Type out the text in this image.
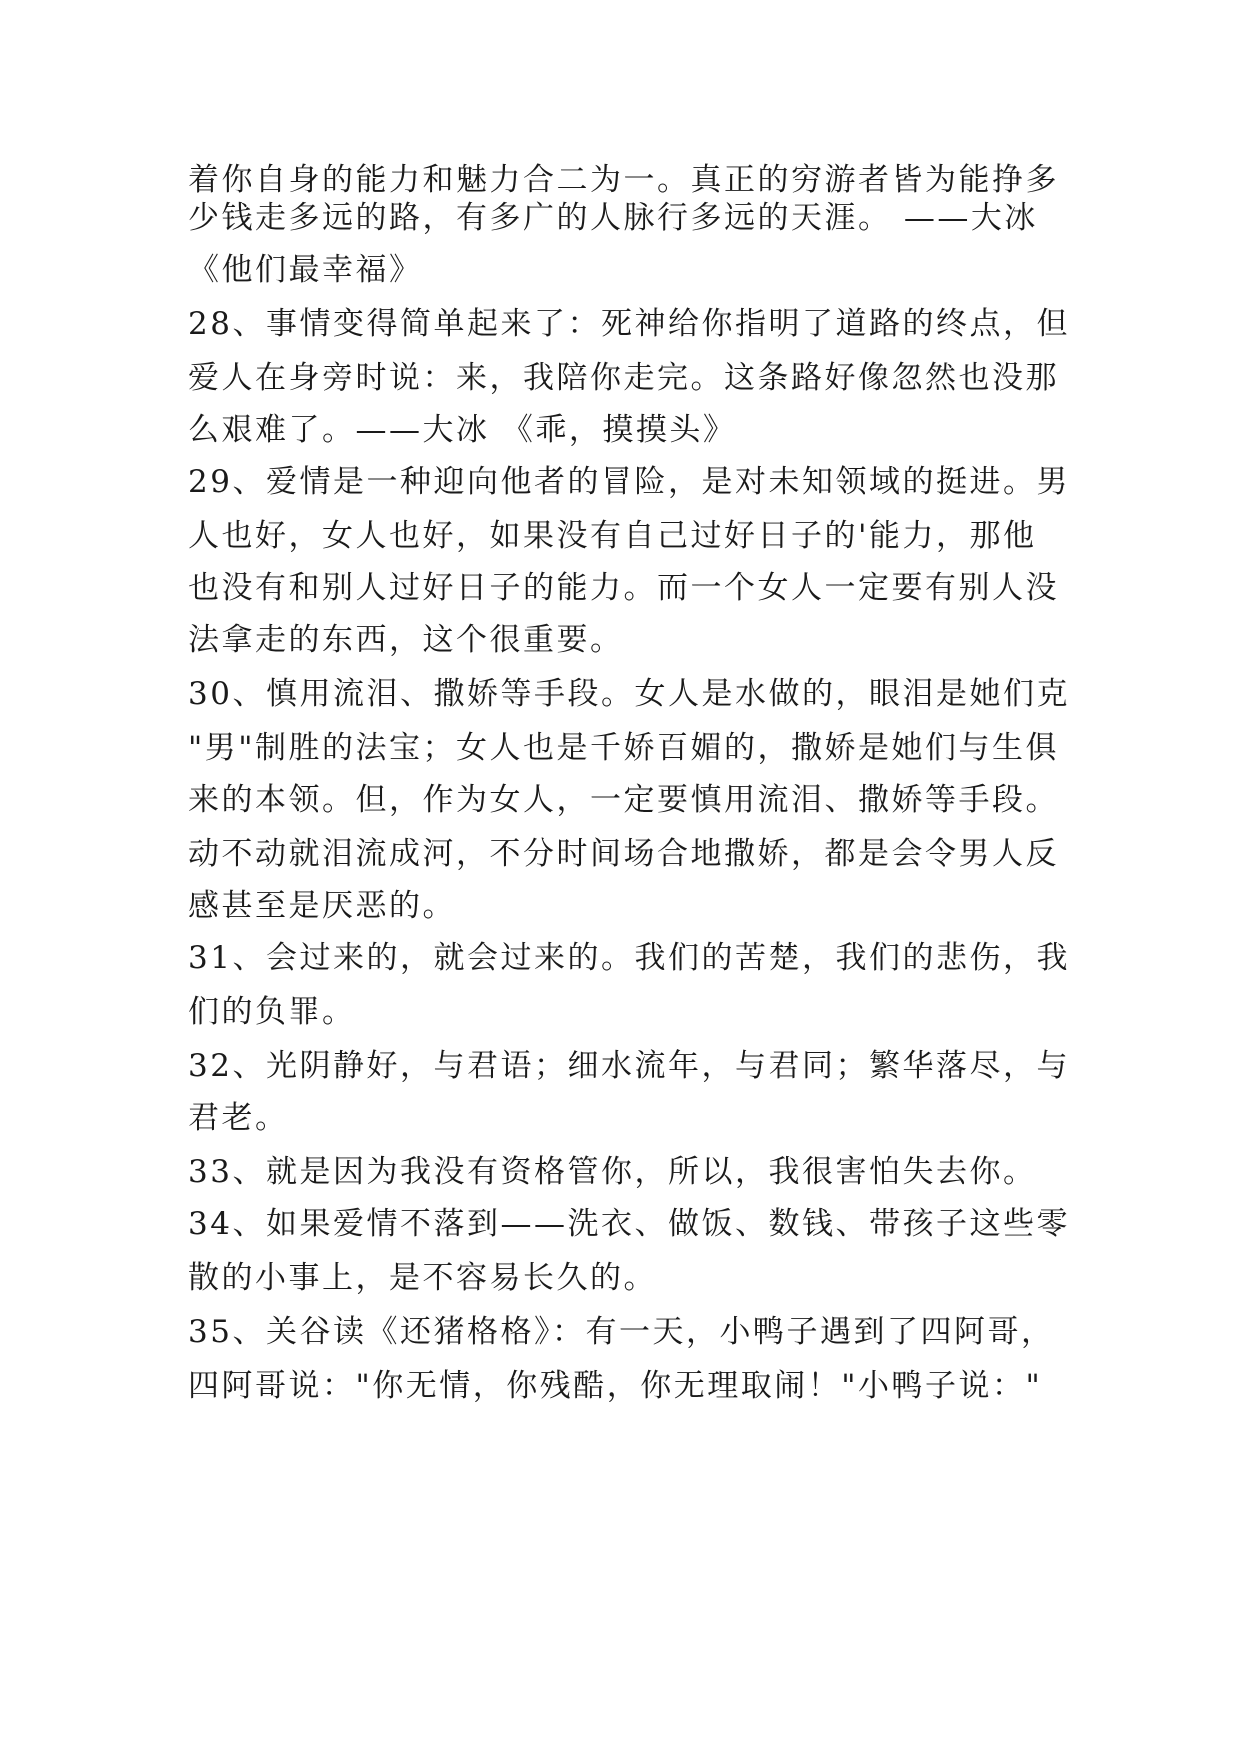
着你自身的能力和魅力合二为一。真正的穷游者皆为能挣多
少钱走多远的路，有多广的人脉行多远的天涯。 ——大冰
《他们最幸福》
28、事情变得简单起来了：死神给你指明了道路的终点，但
爱人在身旁时说：来，我陪你走完。这条路好像忽然也没那
么艰难了。——大冰 《乖，摸摸头》
29、爱情是一种迎向他者的冒险，是对未知领域的挺进。男
人也好，女人也好，如果没有自己过好日子的'能力，那他
也没有和别人过好日子的能力。而一个女人一定要有别人没
法拿走的东西，这个很重要。
30、慎用流泪、撒娇等手段。女人是水做的，眼泪是她们克
"男"制胜的法宝；女人也是千娇百媚的，撒娇是她们与生俱
来的本领。但，作为女人，一定要慎用流泪、撒娇等手段。
动不动就泪流成河，不分时间场合地撒娇，都是会令男人反
感甚至是厌恶的。
31、会过来的，就会过来的。我们的苦楚，我们的悲伤，我
们的负罪。
32、光阴静好，与君语；细水流年，与君同；繁华落尽，与
君老。
33、就是因为我没有资格管你，所以，我很害怕失去你。
34、如果爱情不落到——洗衣、做饭、数钱、带孩子这些零
散的小事上，是不容易长久的。
35、关谷读《还猪格格》：有一天，小鸭子遇到了四阿哥，
四阿哥说："你无情，你残酷，你无理取闹！"小鸭子说："
